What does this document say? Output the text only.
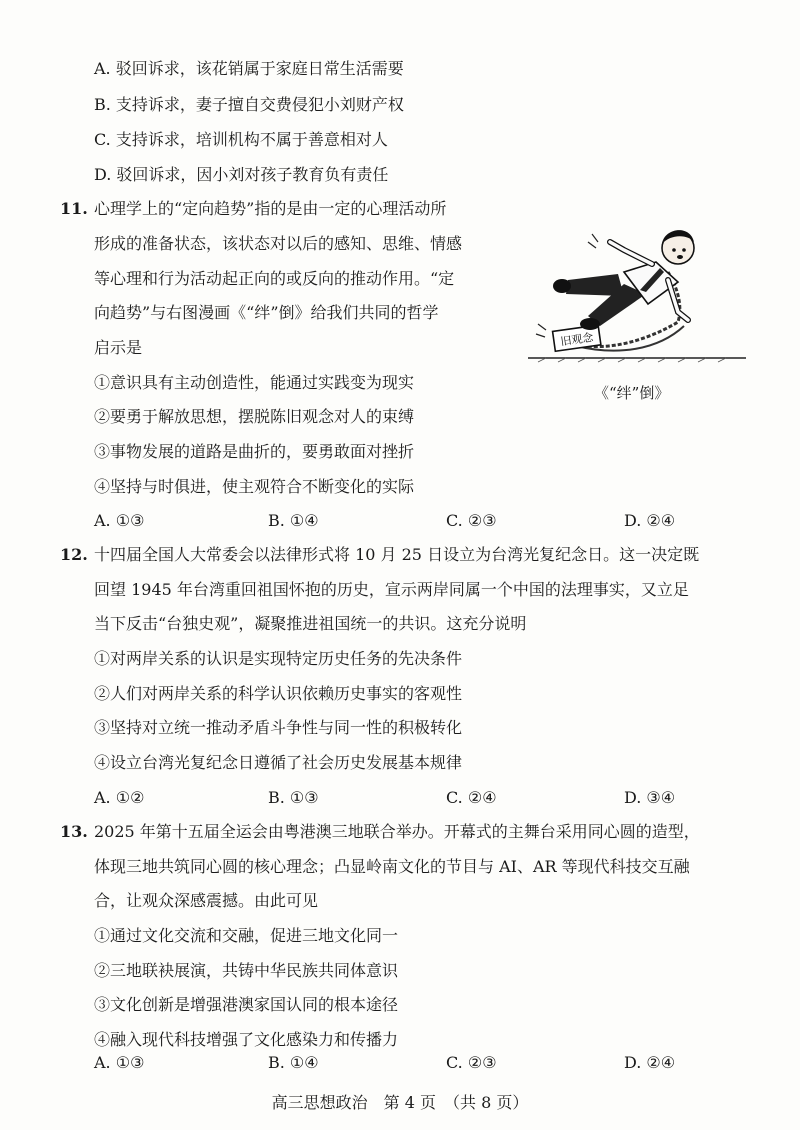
A. 驳回诉求，该花销属于家庭日常生活需要
B. 支持诉求，妻子擅自交费侵犯小刘财产权
C. 支持诉求，培训机构不属于善意相对人
D. 驳回诉求，因小刘对孩子教育负有责任
11. 心理学上的“定向趋势”指的是由一定的心理活动所
形成的准备状态，该状态对以后的感知、思维、情感
等心理和行为活动起正向的或反向的推动作用。“定
向趋势”与右图漫画《“绊”倒》给我们共同的哲学
启示是
①意识具有主动创造性，能通过实践变为现实
②要勇于解放思想，摆脱陈旧观念对人的束缚
③事物发展的道路是曲折的，要勇敢面对挫折
④坚持与时俱进，使主观符合不断变化的实际
A. ①③	B. ①④	C. ②③	D. ②④
旧观念
《“绊”倒》
12. 十四届全国人大常委会以法律形式将 10 月 25 日设立为台湾光复纪念日。这一决定既
回望 1945 年台湾重回祖国怀抱的历史，宣示两岸同属一个中国的法理事实，又立足
当下反击“台独史观”，凝聚推进祖国统一的共识。这充分说明
①对两岸关系的认识是实现特定历史任务的先决条件
②人们对两岸关系的科学认识依赖历史事实的客观性
③坚持对立统一推动矛盾斗争性与同一性的积极转化
④设立台湾光复纪念日遵循了社会历史发展基本规律
A. ①②	B. ①③	C. ②④	D. ③④
13. 2025 年第十五届全运会由粤港澳三地联合举办。开幕式的主舞台采用同心圆的造型，
体现三地共筑同心圆的核心理念；凸显岭南文化的节目与 AI、AR 等现代科技交互融
合，让观众深感震撼。由此可见
①通过文化交流和交融，促进三地文化同一
②三地联袂展演，共铸中华民族共同体意识
③文化创新是增强港澳家国认同的根本途径
④融入现代科技增强了文化感染力和传播力
A. ①③	B. ①④	C. ②③	D. ②④
高三思想政治　第 4 页　（共 8 页）
